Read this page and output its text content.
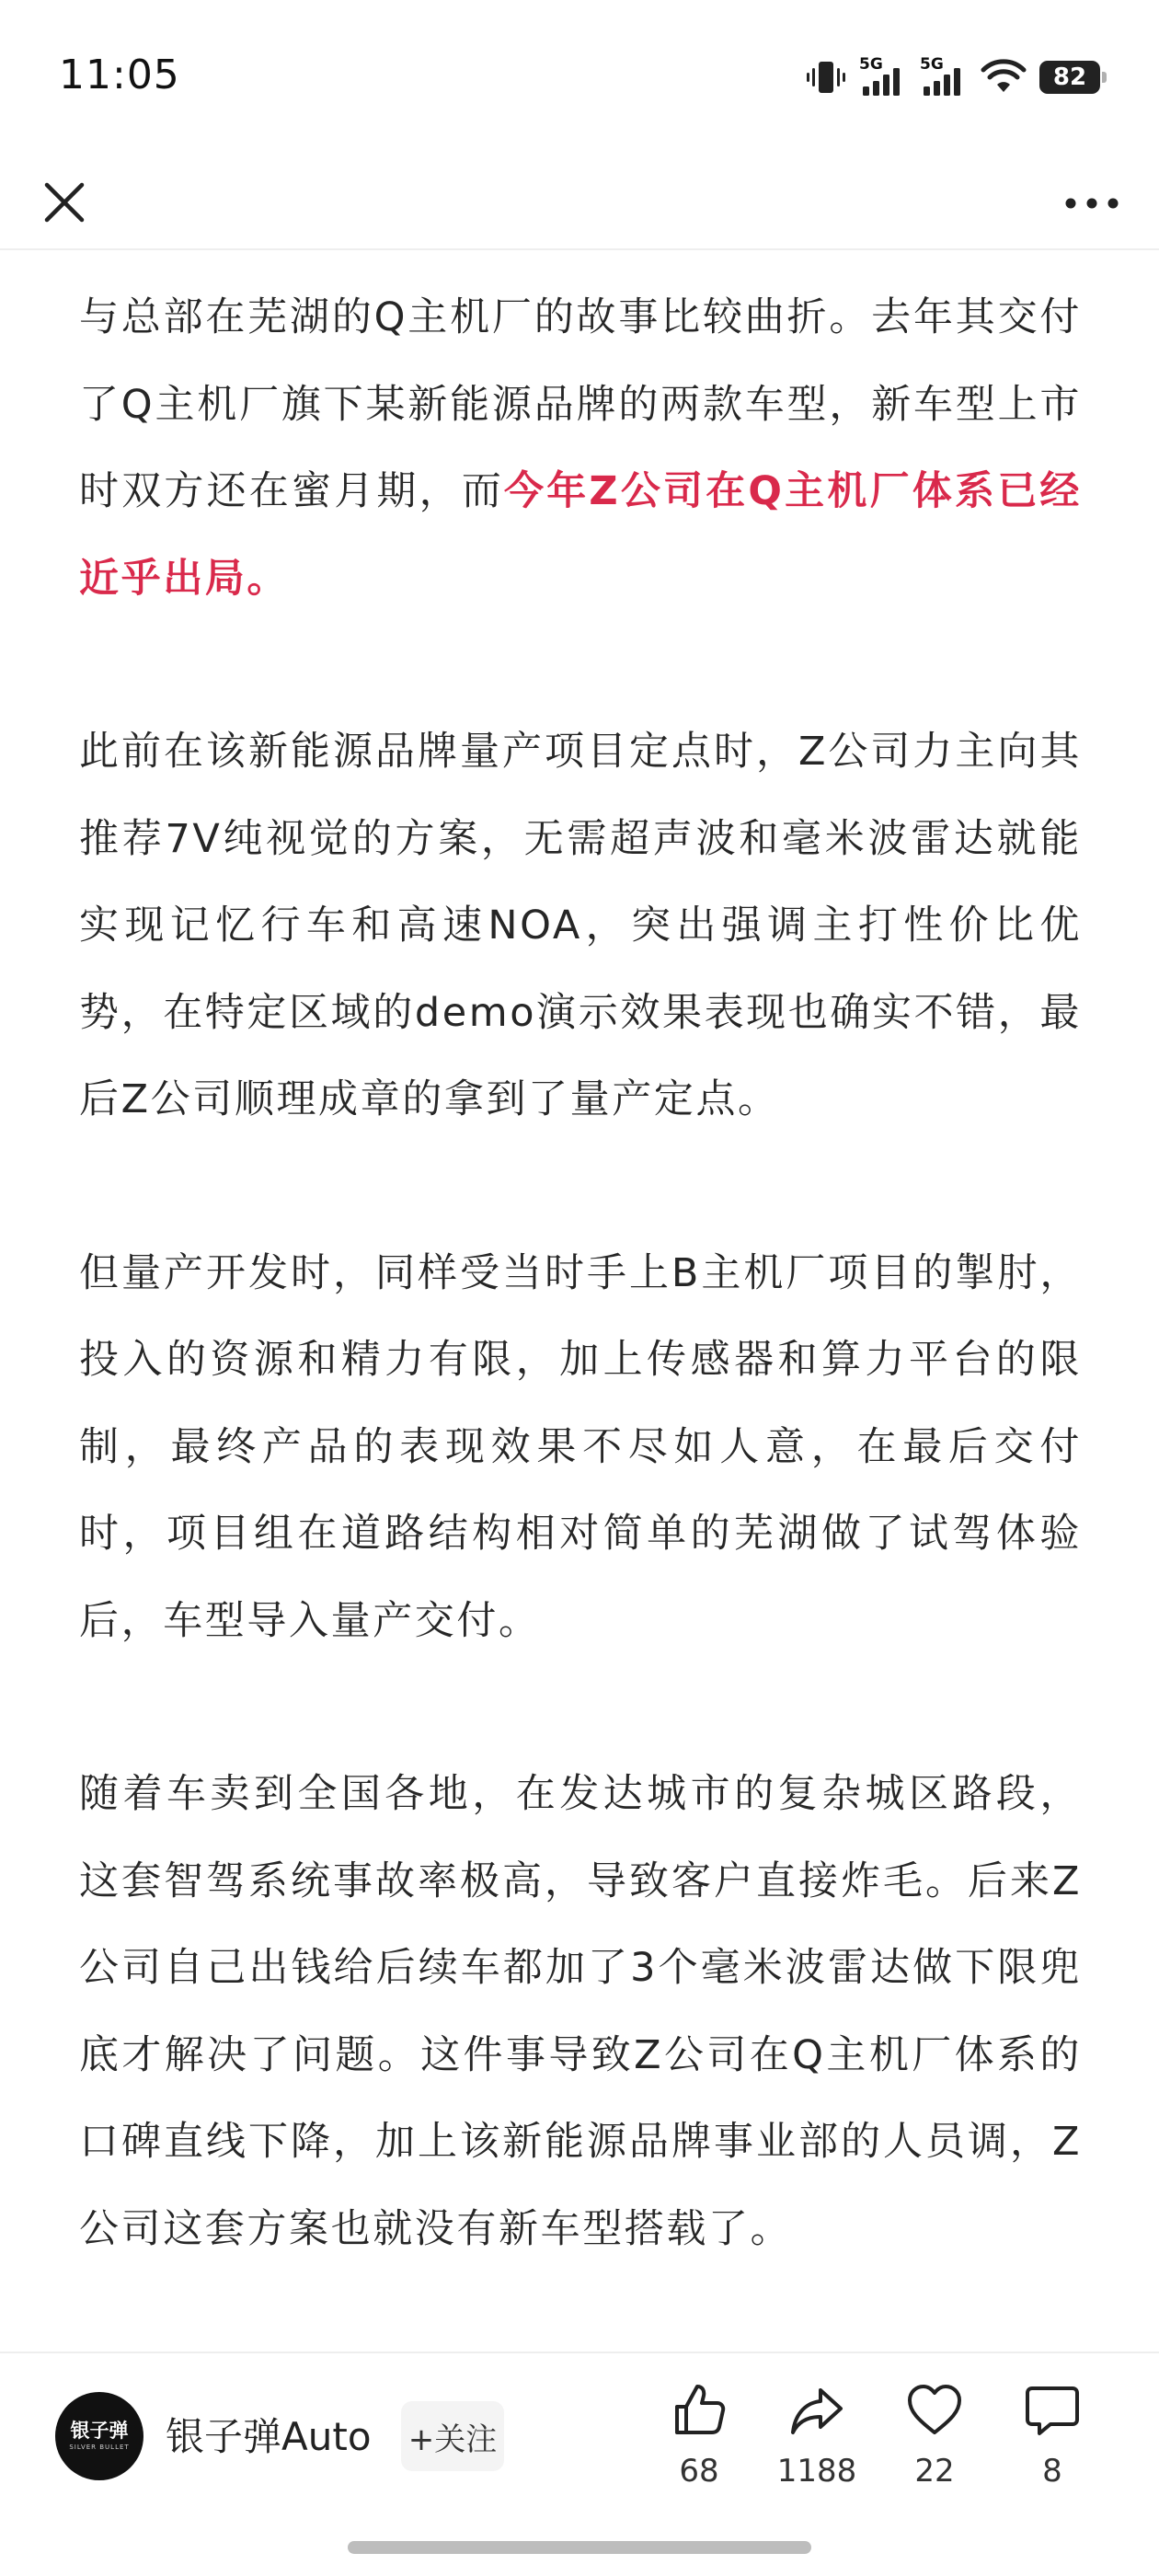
11:05	5G 5G	82

与总部在芜湖的Q主机厂的故事比较曲折。去年其交付了Q主机厂旗下某新能源品牌的两款车型，新车型上市时双方还在蜜月期，而今年Z公司在Q主机厂体系已经近乎出局。

此前在该新能源品牌量产项目定点时，Z公司力主向其推荐7V纯视觉的方案，无需超声波和毫米波雷达就能实现记忆行车和高速NOA，突出强调主打性价比优势，在特定区域的demo演示效果表现也确实不错，最后Z公司顺理成章的拿到了量产定点。

但量产开发时，同样受当时手上B主机厂项目的掣肘，投入的资源和精力有限，加上传感器和算力平台的限制，最终产品的表现效果不尽如人意，在最后交付时，项目组在道路结构相对简单的芜湖做了试驾体验后，车型导入量产交付。

随着车卖到全国各地，在发达城市的复杂城区路段，这套智驾系统事故率极高，导致客户直接炸毛。后来Z公司自己出钱给后续车都加了3个毫米波雷达做下限兜底才解决了问题。这件事导致Z公司在Q主机厂体系的口碑直线下降，加上该新能源品牌事业部的人员调，Z公司这套方案也就没有新车型搭载了。

银子弹
SILVER BULLET 银子弹Auto +关注
68 1188 22	8
